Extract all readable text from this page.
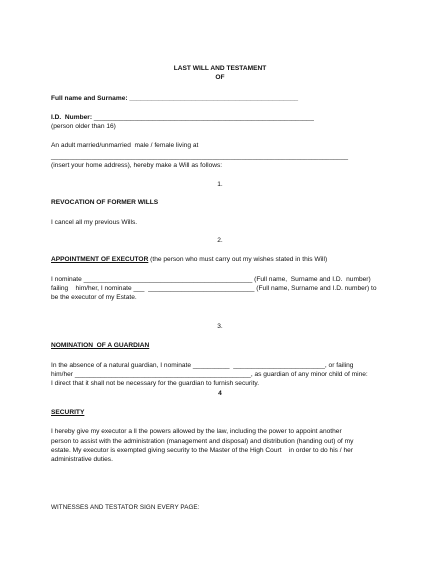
LAST WILL AND TESTAMENT
OF
Full name and Surname: ______________________________________________
I.D.  Number: ____________________________________________________________
(person older than 16)
An adult married/unmarried  male / female living at
_________________________________________________________________________________
(insert your home address), hereby make a Will as follows:
1.
REVOCATION OF FORMER WILLS
I cancel all my previous Wills.
2.
APPOINTMENT OF EXECUTOR (the person who must carry out my wishes stated in this Will)
I nominate ______________________________________________ (Full name,  Surname and I.D.  number)
failing    him/her, I nominate ___  _____________________________ (Full name, Surname and I.D. number) to
be the executor of my Estate.
3.
NOMINATION  OF A GUARDIAN
In the absence of a natural guardian, I nominate __________  _________________________, or failing
him/her ________________________________________________, as guardian of any minor child of mine:
I direct that it shall not be necessary for the guardian to furnish security.
4
SECURITY
I hereby give my executor a ll the powers allowed by the law, including the power to appoint another
person to assist with the administration (management and disposal) and distribution (handing out) of my
estate. My executor is exempted giving security to the Master of the High Court    in order to do his / her
administrative duties.
WITNESSES AND TESTATOR SIGN EVERY PAGE:
